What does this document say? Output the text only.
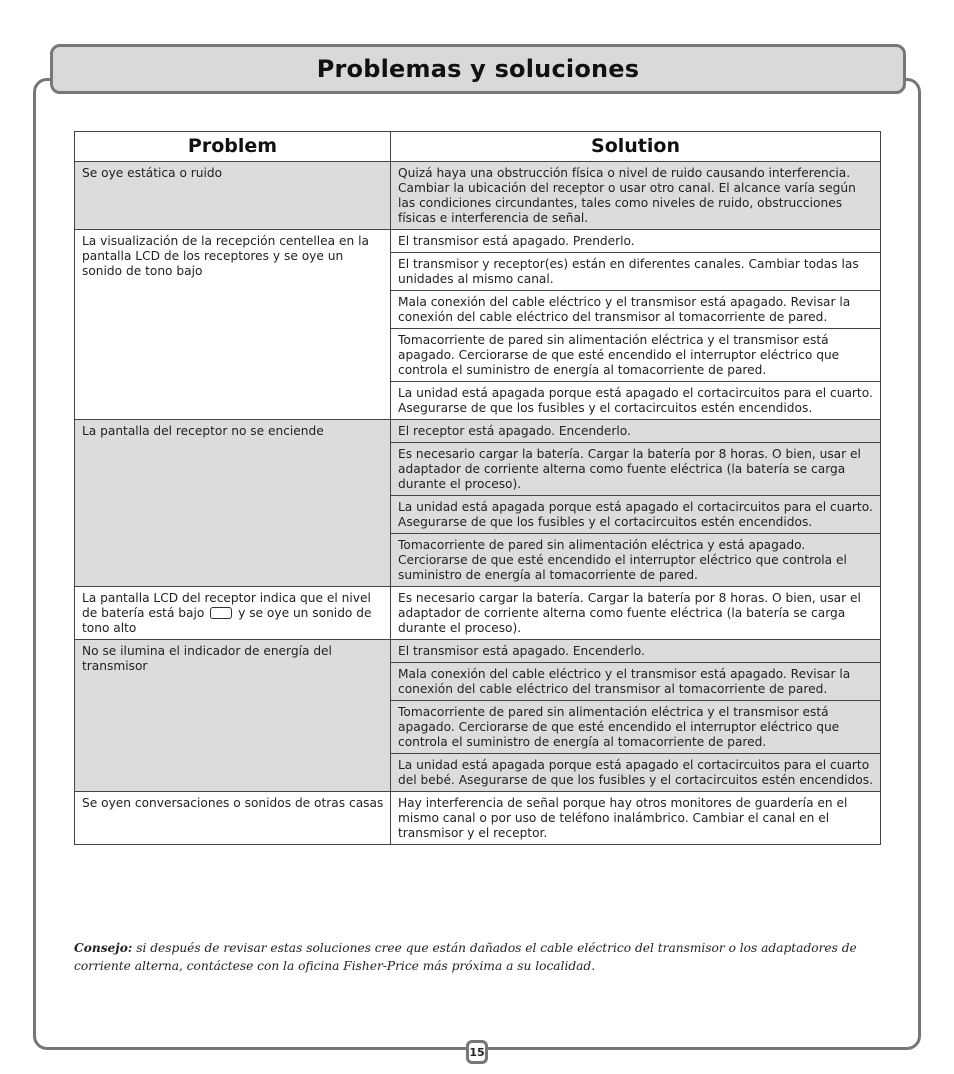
Problemas y soluciones
Problem	Solution
Se oye estática o ruido	Quizá haya una obstrucción física o nivel de ruido causando interferencia. Cambiar la ubicación del receptor o usar otro canal. El alcance varía según las condiciones circundantes, tales como niveles de ruido, obstrucciones físicas e interferencia de señal.
La visualización de la recepción centellea en la pantalla LCD de los receptores y se oye un sonido de tono bajo	El transmisor está apagado. Prenderlo.
	El transmisor y receptor(es) están en diferentes canales. Cambiar todas las unidades al mismo canal.
	Mala conexión del cable eléctrico y el transmisor está apagado. Revisar la conexión del cable eléctrico del transmisor al tomacorriente de pared.
	Tomacorriente de pared sin alimentación eléctrica y el transmisor está apagado. Cerciorarse de que esté encendido el interruptor eléctrico que controla el suministro de energía al tomacorriente de pared.
	La unidad está apagada porque está apagado el cortacircuitos para el cuarto. Asegurarse de que los fusibles y el cortacircuitos estén encendidos.
La pantalla del receptor no se enciende	El receptor está apagado. Encenderlo.
	Es necesario cargar la batería. Cargar la batería por 8 horas. O bien, usar el adaptador de corriente alterna como fuente eléctrica (la batería se carga durante el proceso).
	La unidad está apagada porque está apagado el cortacircuitos para el cuarto. Asegurarse de que los fusibles y el cortacircuitos estén encendidos.
	Tomacorriente de pared sin alimentación eléctrica y está apagado. Cerciorarse de que esté encendido el interruptor eléctrico que controla el suministro de energía al tomacorriente de pared.
La pantalla LCD del receptor indica que el nivel de batería está bajo y se oye un sonido de tono alto	Es necesario cargar la batería. Cargar la batería por 8 horas. O bien, usar el adaptador de corriente alterna como fuente eléctrica (la batería se carga durante el proceso).
No se ilumina el indicador de energía del transmisor	El transmisor está apagado. Encenderlo.
	Mala conexión del cable eléctrico y el transmisor está apagado. Revisar la conexión del cable eléctrico del transmisor al tomacorriente de pared.
	Tomacorriente de pared sin alimentación eléctrica y el transmisor está apagado. Cerciorarse de que esté encendido el interruptor eléctrico que controla el suministro de energía al tomacorriente de pared.
	La unidad está apagada porque está apagado el cortacircuitos para el cuarto del bebé. Asegurarse de que los fusibles y el cortacircuitos estén encendidos.
Se oyen conversaciones o sonidos de otras casas	Hay interferencia de señal porque hay otros monitores de guardería en el mismo canal o por uso de teléfono inalámbrico. Cambiar el canal en el transmisor y el receptor.
Consejo: si después de revisar estas soluciones cree que están dañados el cable eléctrico del transmisor o los adaptadores de corriente alterna, contáctese con la oficina Fisher-Price más próxima a su localidad.
15
